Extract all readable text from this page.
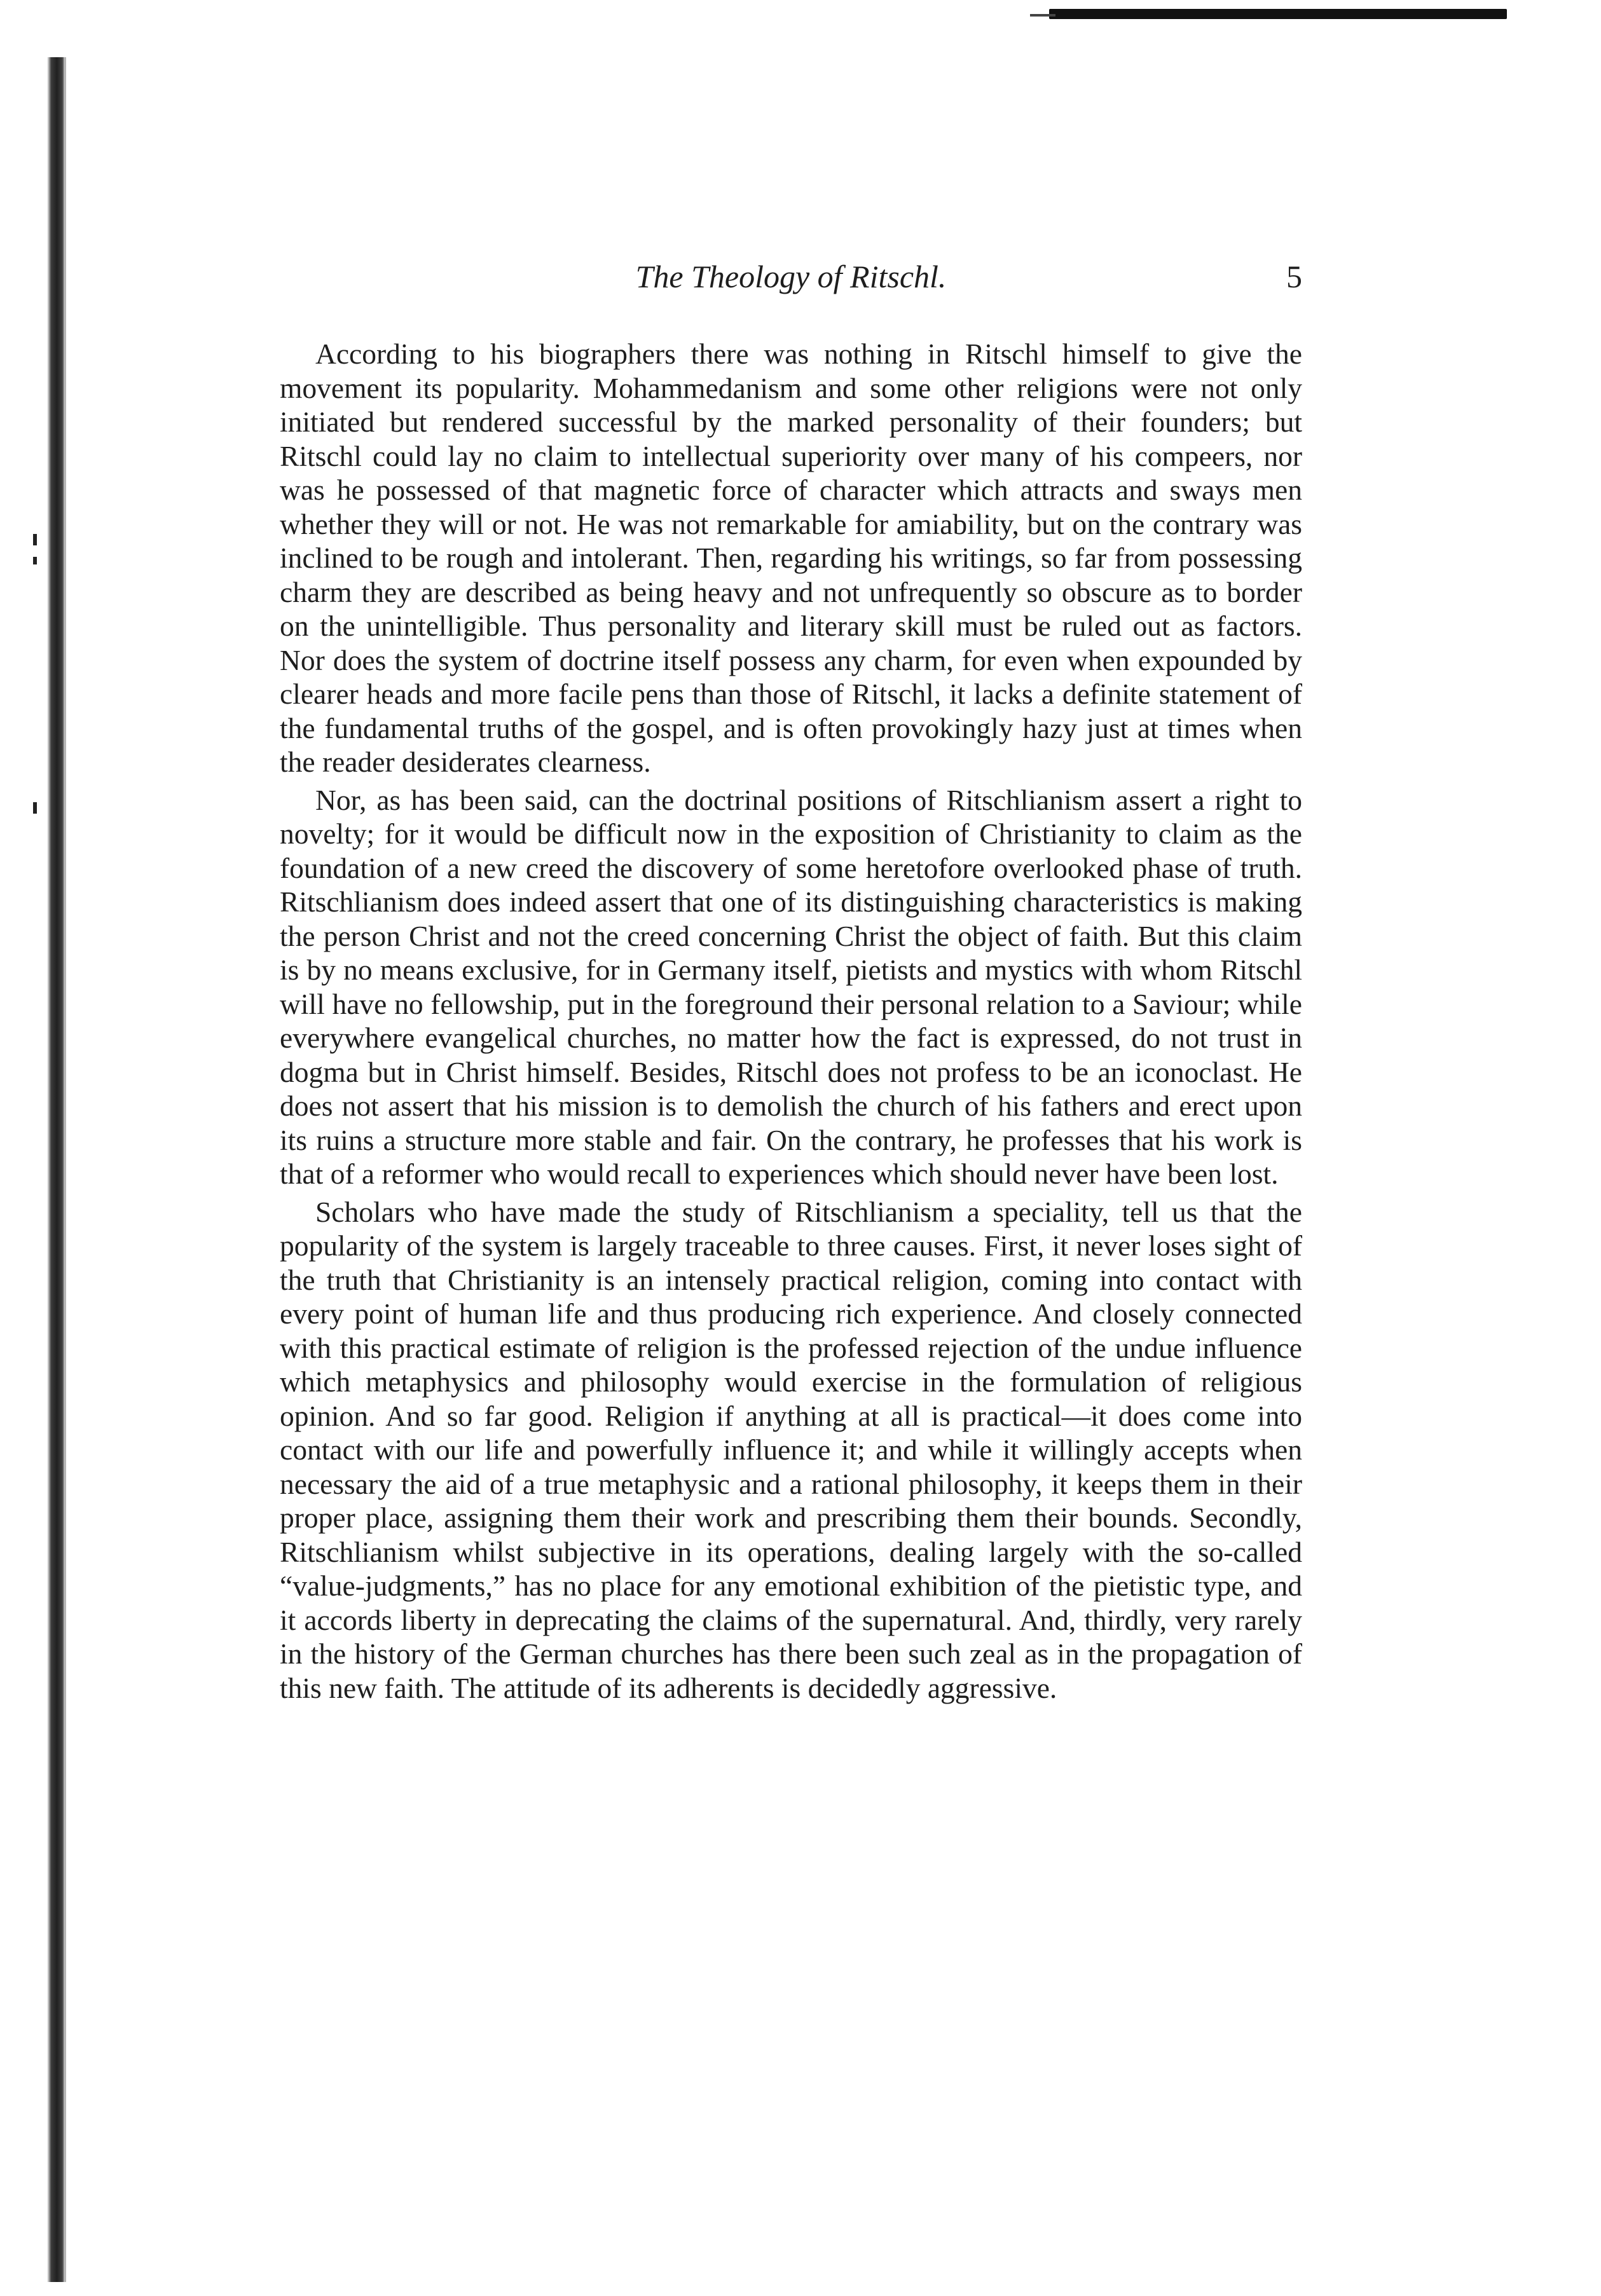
The Theology of Ritschl.	5

According to his biographers there was nothing in Ritschl himself to give the movement its popularity. Mohammedanism and some other religions were not only initiated but rendered successful by the marked personality of their founders; but Ritschl could lay no claim to intellectual superiority over many of his compeers, nor was he possessed of that magnetic force of character which attracts and sways men whether they will or not. He was not remarkable for amiability, but on the contrary was inclined to be rough and intolerant. Then, regarding his writings, so far from possessing charm they are described as being heavy and not unfrequently so obscure as to border on the unintelligible. Thus personality and literary skill must be ruled out as factors. Nor does the system of doctrine itself possess any charm, for even when expounded by clearer heads and more facile pens than those of Ritschl, it lacks a definite statement of the fundamental truths of the gospel, and is often provokingly hazy just at times when the reader desiderates clearness.

Nor, as has been said, can the doctrinal positions of Ritschlianism assert a right to novelty; for it would be difficult now in the exposition of Christianity to claim as the foundation of a new creed the discovery of some heretofore overlooked phase of truth. Ritschlianism does indeed assert that one of its distinguishing characteristics is making the person Christ and not the creed concerning Christ the object of faith. But this claim is by no means exclusive, for in Germany itself, pietists and mystics with whom Ritschl will have no fellowship, put in the foreground their personal relation to a Saviour; while everywhere evangelical churches, no matter how the fact is expressed, do not trust in dogma but in Christ himself. Besides, Ritschl does not profess to be an iconoclast. He does not assert that his mission is to demolish the church of his fathers and erect upon its ruins a structure more stable and fair. On the contrary, he professes that his work is that of a reformer who would recall to experiences which should never have been lost.

Scholars who have made the study of Ritschlianism a speciality, tell us that the popularity of the system is largely traceable to three causes. First, it never loses sight of the truth that Christianity is an intensely practical religion, coming into contact with every point of human life and thus producing rich experience. And closely connected with this practical estimate of religion is the professed rejection of the undue influence which metaphysics and philosophy would exercise in the formulation of religious opinion. And so far good. Religion if anything at all is practical—it does come into contact with our life and powerfully influence it; and while it willingly accepts when necessary the aid of a true metaphysic and a rational philosophy, it keeps them in their proper place, assigning them their work and prescribing them their bounds. Secondly, Ritschlianism whilst subjective in its operations, dealing largely with the so-called “value-judgments,” has no place for any emotional exhibition of the pietistic type, and it accords liberty in deprecating the claims of the supernatural. And, thirdly, very rarely in the history of the German churches has there been such zeal as in the propagation of this new faith. The attitude of its adherents is decidedly aggressive.
